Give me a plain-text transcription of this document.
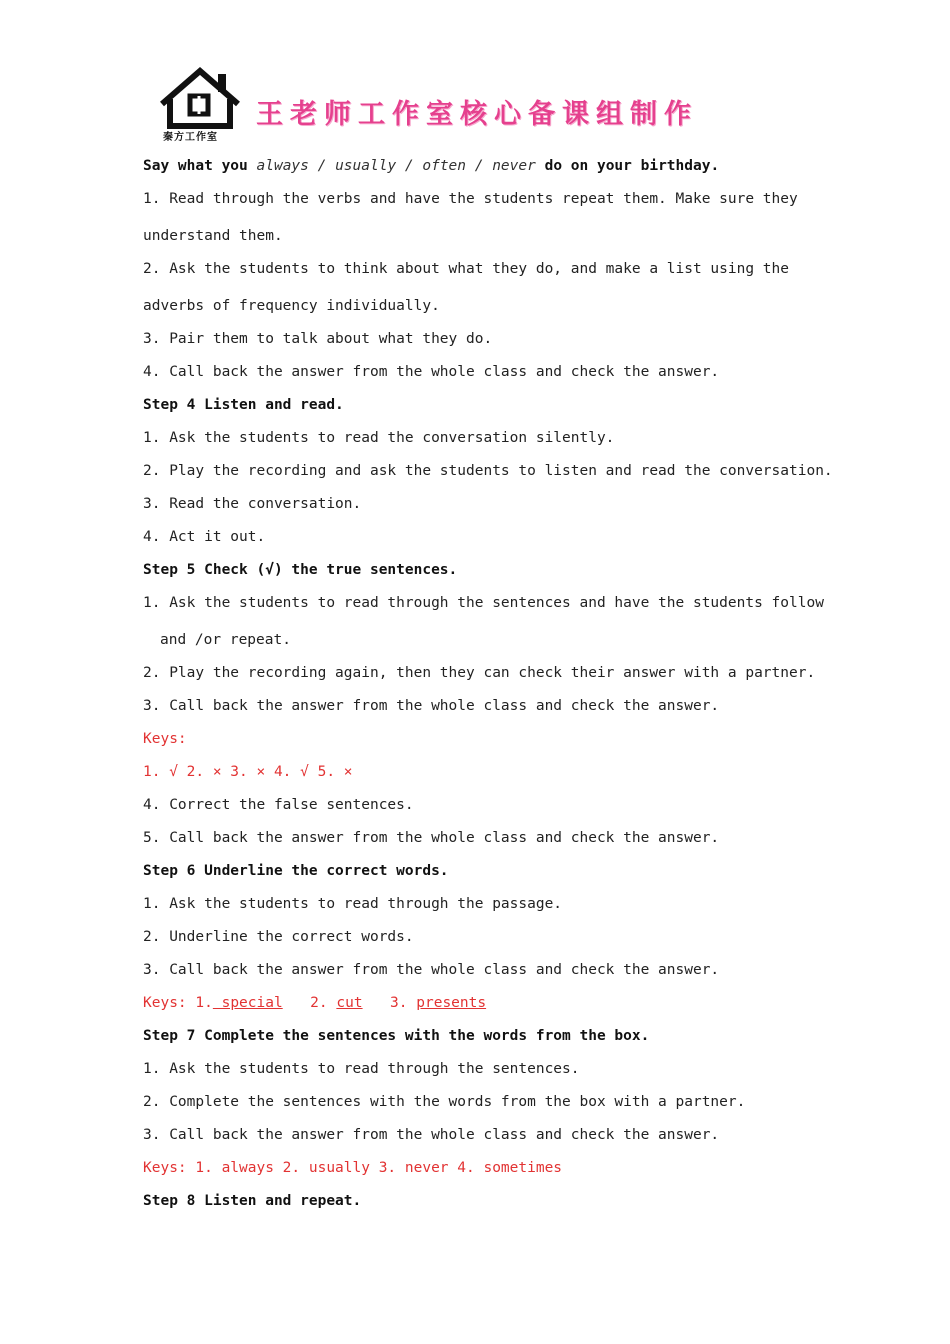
秦方工作室
王老师工作室核心备课组制作
Say what you always / usually / often / never do on your birthday.
1. Read through the verbs and have the students repeat them. Make sure they
understand them.
2. Ask the students to think about what they do, and make a list using the
adverbs of frequency individually.
3. Pair them to talk about what they do.
4. Call back the answer from the whole class and check the answer.
Step 4 Listen and read.
1. Ask the students to read the conversation silently.
2. Play the recording and ask the students to listen and read the conversation.
3. Read the conversation.
4. Act it out.
Step 5 Check (√) the true sentences.
1. Ask the students to read through the sentences and have the students follow
and /or repeat.
2. Play the recording again, then they can check their answer with a partner.
3. Call back the answer from the whole class and check the answer.
Keys:
1. √ 2. × 3. × 4. √ 5. ×
4. Correct the false sentences.
5. Call back the answer from the whole class and check the answer.
Step 6 Underline the correct words.
1. Ask the students to read through the passage.
2. Underline the correct words.
3. Call back the answer from the whole class and check the answer.
Keys: 1. special 2. cut 3. presents
Step 7 Complete the sentences with the words from the box.
1. Ask the students to read through the sentences.
2. Complete the sentences with the words from the box with a partner.
3. Call back the answer from the whole class and check the answer.
Keys: 1. always 2. usually 3. never 4. sometimes
Step 8 Listen and repeat.
